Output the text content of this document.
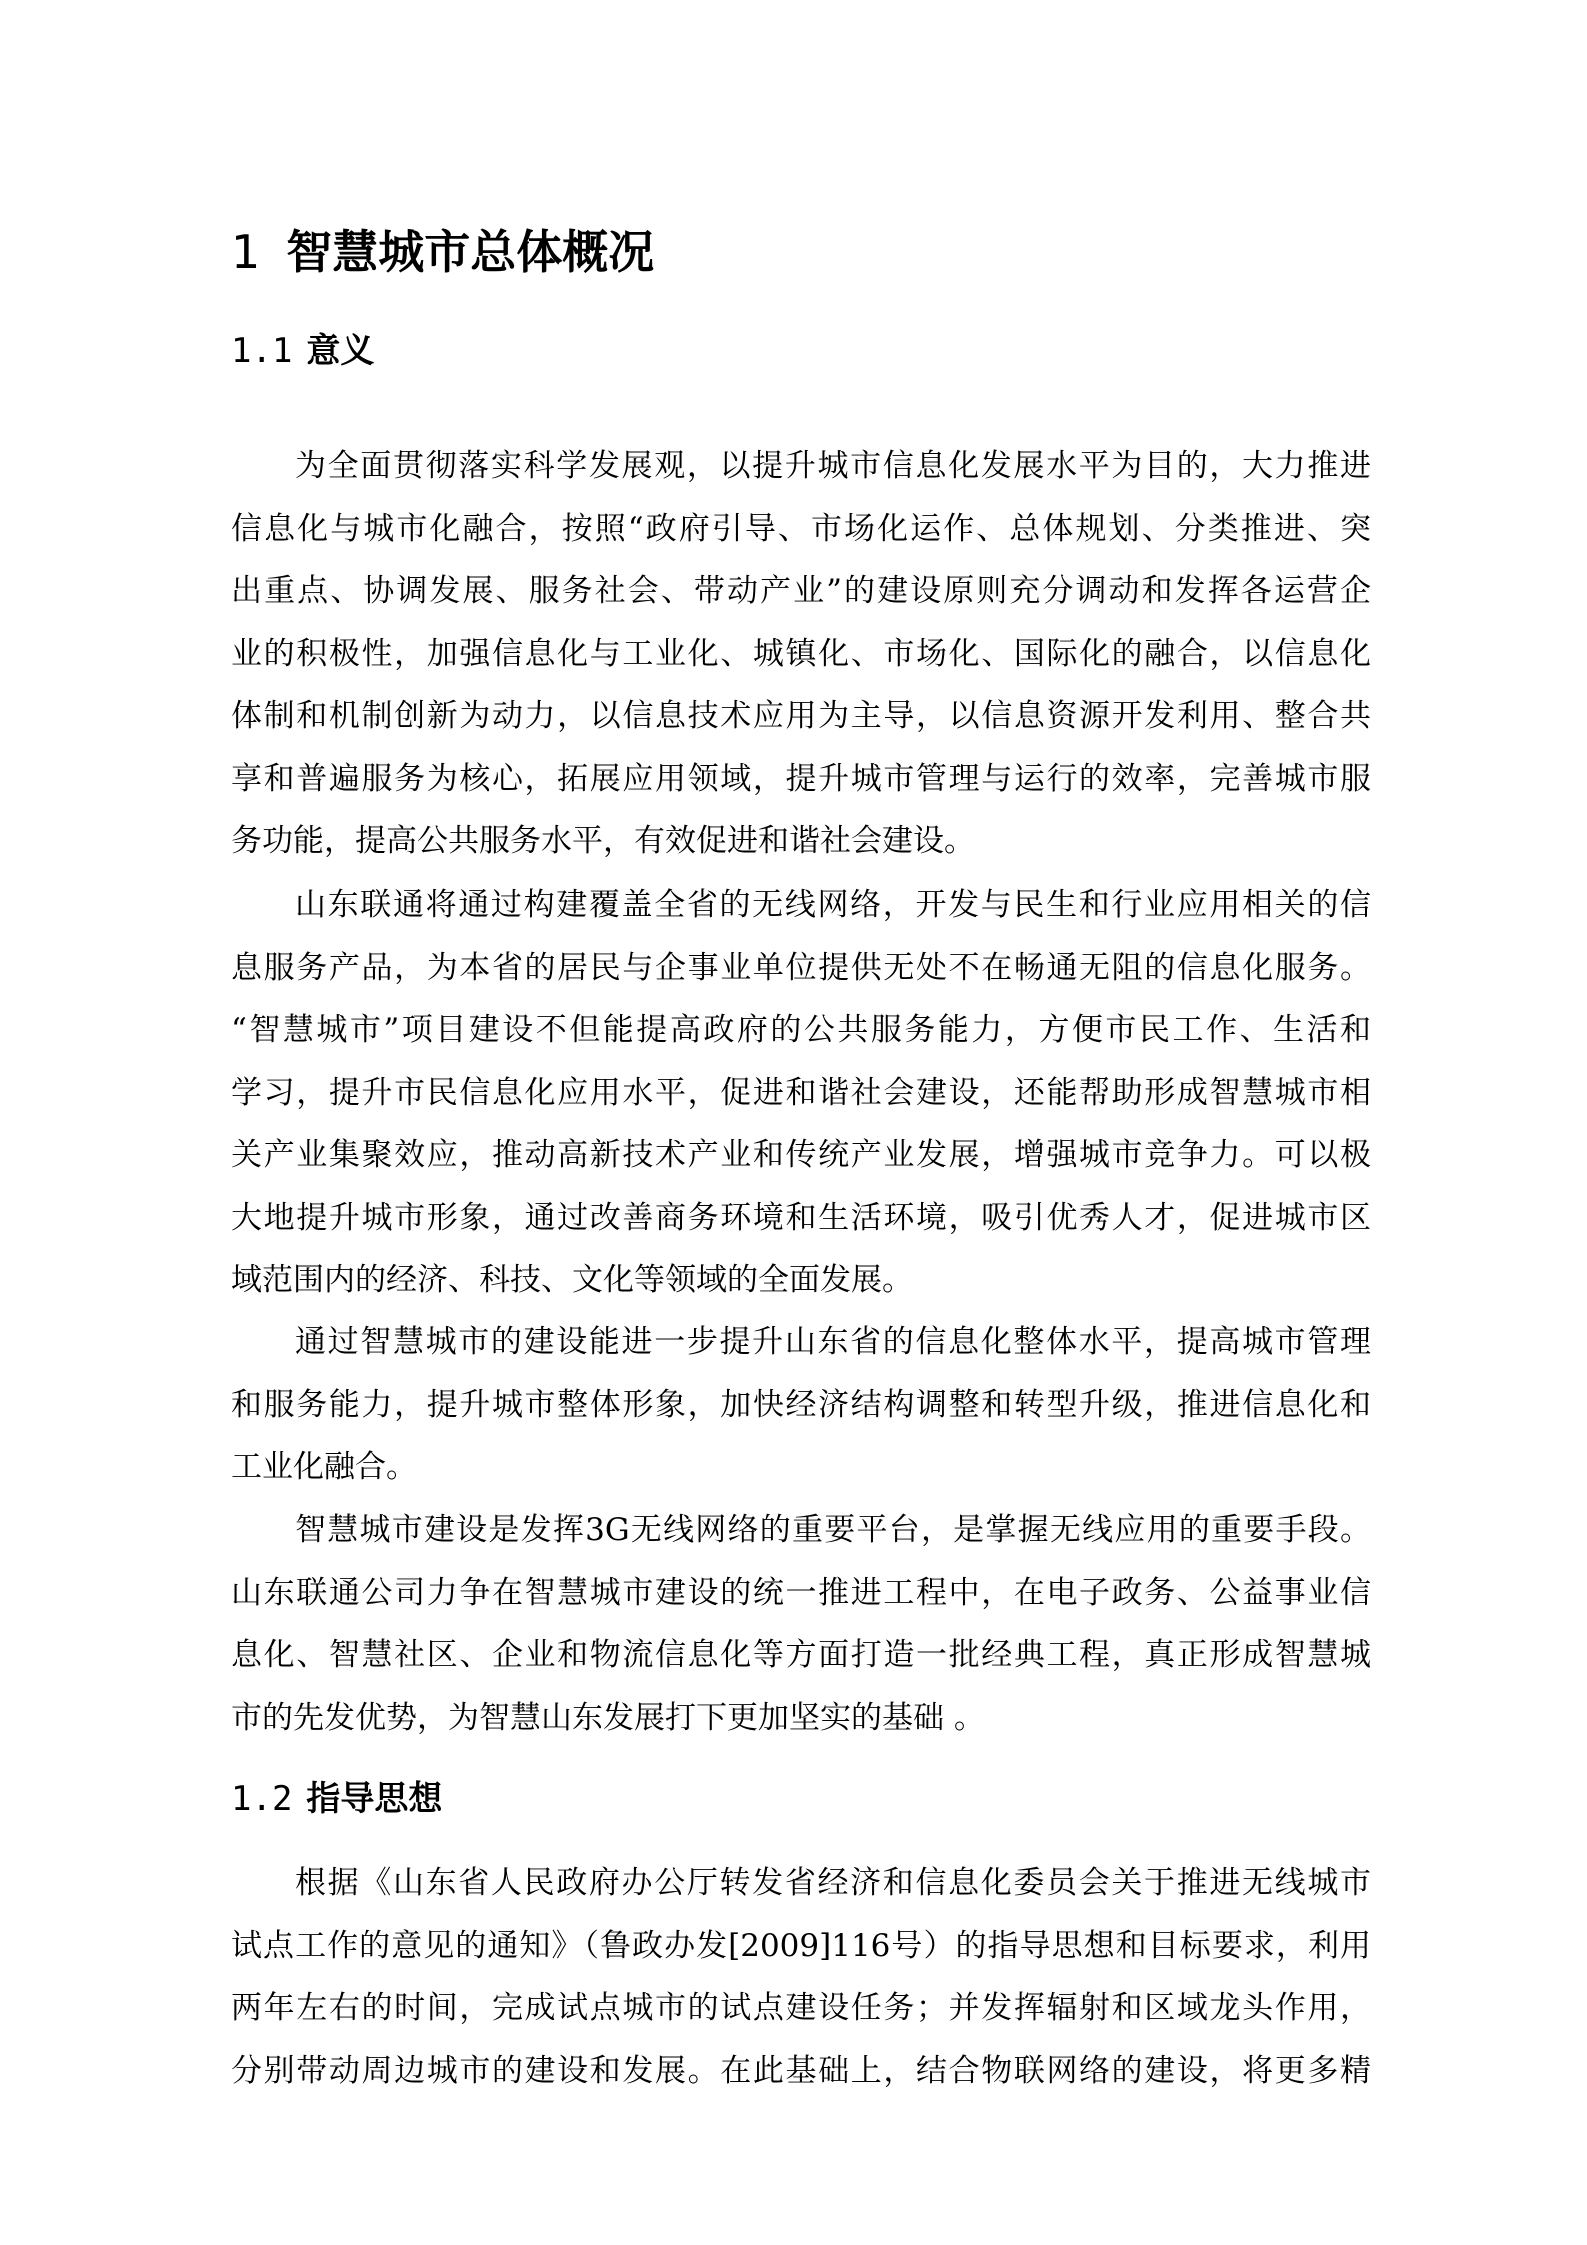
1 智慧城市总体概况
1.1 意义
1.2 指导思想
为全面贯彻落实科学发展观，以提升城市信息化发展水平为目的，大力推进
信息化与城市化融合，按照“政府引导、市场化运作、总体规划、分类推进、突
出重点、协调发展、服务社会、带动产业”的建设原则充分调动和发挥各运营企
业的积极性，加强信息化与工业化、城镇化、市场化、国际化的融合，以信息化
体制和机制创新为动力，以信息技术应用为主导，以信息资源开发利用、整合共
享和普遍服务为核心，拓展应用领域，提升城市管理与运行的效率，完善城市服
务功能，提高公共服务水平，有效促进和谐社会建设。
山东联通将通过构建覆盖全省的无线网络，开发与民生和行业应用相关的信
息服务产品，为本省的居民与企事业单位提供无处不在畅通无阻的信息化服务。
“智慧城市”项目建设不但能提高政府的公共服务能力，方便市民工作、生活和
学习，提升市民信息化应用水平，促进和谐社会建设，还能帮助形成智慧城市相
关产业集聚效应，推动高新技术产业和传统产业发展，增强城市竞争力。可以极
大地提升城市形象，通过改善商务环境和生活环境，吸引优秀人才，促进城市区
域范围内的经济、科技、文化等领域的全面发展。
通过智慧城市的建设能进一步提升山东省的信息化整体水平，提高城市管理
和服务能力，提升城市整体形象，加快经济结构调整和转型升级，推进信息化和
工业化融合。
智慧城市建设是发挥3G无线网络的重要平台，是掌握无线应用的重要手段。
山东联通公司力争在智慧城市建设的统一推进工程中，在电子政务、公益事业信
息化、智慧社区、企业和物流信息化等方面打造一批经典工程，真正形成智慧城
市的先发优势，为智慧山东发展打下更加坚实的基础 。
根据《山东省人民政府办公厅转发省经济和信息化委员会关于推进无线城市
试点工作的意见的通知》（鲁政办发[2009]116号）的指导思想和目标要求，利用
两年左右的时间，完成试点城市的试点建设任务；并发挥辐射和区域龙头作用，
分别带动周边城市的建设和发展。在此基础上，结合物联网络的建设，将更多精
